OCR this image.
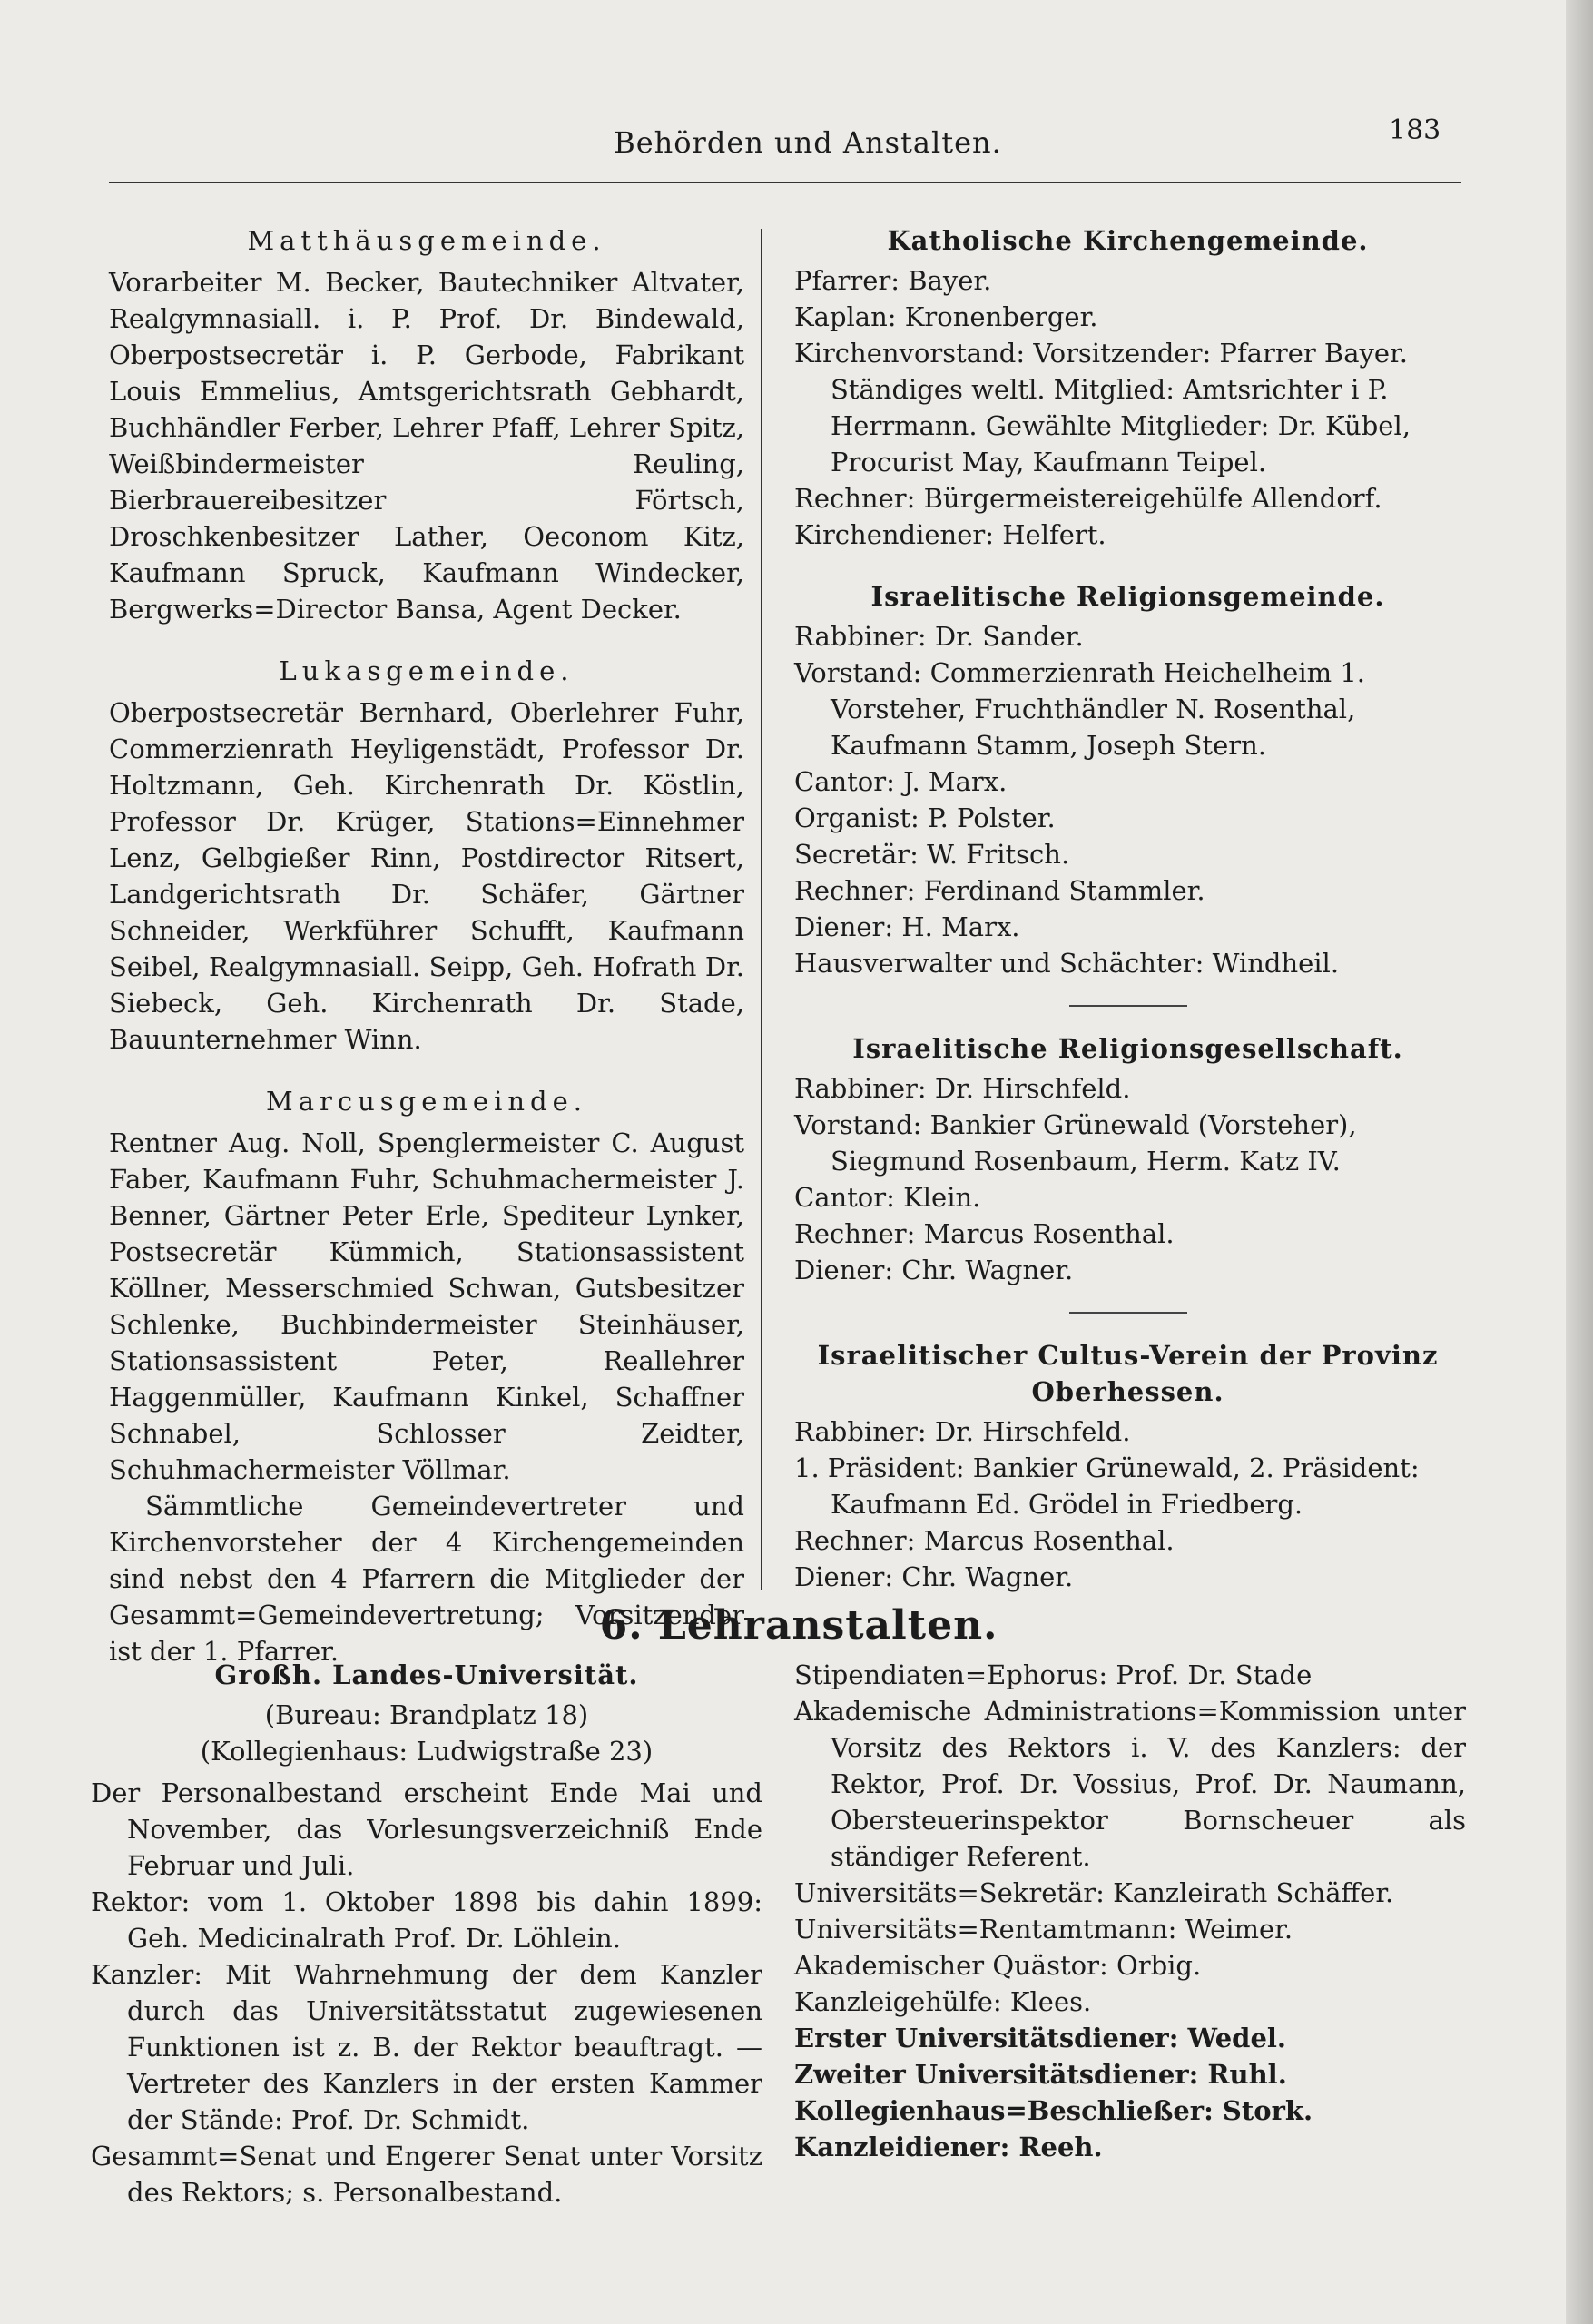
Behörden und Anstalten.	183

Matthäusgemeinde.

Vorarbeiter M. Becker, Bautechniker Altvater, Realgymnasiall. i. P. Prof. Dr. Bindewald, Oberpostsecretär i. P. Gerbode, Fabrikant Louis Emmelius, Amtsgerichtsrath Gebhardt, Buchhändler Ferber, Lehrer Pfaff, Lehrer Spitz, Weißbindermeister Reuling, Bierbrauereibesitzer Förtsch, Droschkenbesitzer Lather, Oeconom Kitz, Kaufmann Spruck, Kaufmann Windecker, Bergwerks=Director Bansa, Agent Decker.

Lukasgemeinde.

Oberpostsecretär Bernhard, Oberlehrer Fuhr, Commerzienrath Heyligenstädt, Professor Dr. Holtzmann, Geh. Kirchenrath Dr. Köstlin, Professor Dr. Krüger, Stations=Einnehmer Lenz, Gelbgießer Rinn, Postdirector Ritsert, Landgerichtsrath Dr. Schäfer, Gärtner Schneider, Werkführer Schufft, Kaufmann Seibel, Realgymnasiall. Seipp, Geh. Hofrath Dr. Siebeck, Geh. Kirchenrath Dr. Stade, Bauunternehmer Winn.

Marcusgemeinde.

Rentner Aug. Noll, Spenglermeister C. August Faber, Kaufmann Fuhr, Schuhmachermeister J. Benner, Gärtner Peter Erle, Spediteur Lynker, Postsecretär Kümmich, Stationsassistent Köllner, Messerschmied Schwan, Gutsbesitzer Schlenke, Buchbindermeister Steinhäuser, Stationsassistent Peter, Reallehrer Haggenmüller, Kaufmann Kinkel, Schaffner Schnabel, Schlosser Zeidter, Schuhmachermeister Völlmar.

Sämmtliche Gemeindevertreter und Kirchenvorsteher der 4 Kirchengemeinden sind nebst den 4 Pfarrern die Mitglieder der Gesammt=Gemeindevertretung; Vorsitzender ist der 1. Pfarrer.

Katholische Kirchengemeinde.

Pfarrer: Bayer.

Kaplan: Kronenberger.

Kirchenvorstand: Vorsitzender: Pfarrer Bayer. Ständiges weltl. Mitglied: Amtsrichter i P. Herrmann. Gewählte Mitglieder: Dr. Kübel, Procurist May, Kaufmann Teipel.

Rechner: Bürgermeistereigehülfe Allendorf.

Kirchendiener: Helfert.

Israelitische Religionsgemeinde.

Rabbiner: Dr. Sander.

Vorstand: Commerzienrath Heichelheim 1. Vorsteher, Fruchthändler N. Rosenthal, Kaufmann Stamm, Joseph Stern.

Cantor: J. Marx.

Organist: P. Polster.

Secretär: W. Fritsch.

Rechner: Ferdinand Stammler.

Diener: H. Marx.

Hausverwalter und Schächter: Windheil.

Israelitische Religionsgesellschaft.

Rabbiner: Dr. Hirschfeld.

Vorstand: Bankier Grünewald (Vorsteher), Siegmund Rosenbaum, Herm. Katz IV.

Cantor: Klein.

Rechner: Marcus Rosenthal.

Diener: Chr. Wagner.

Israelitischer Cultus-Verein der Provinz Oberhessen.

Rabbiner: Dr. Hirschfeld.

1. Präsident: Bankier Grünewald, 2. Präsident: Kaufmann Ed. Grödel in Friedberg.

Rechner: Marcus Rosenthal.

Diener: Chr. Wagner.

6. Lehranstalten.

Großh. Landes-Universität.

(Bureau: Brandplatz 18)

(Kollegienhaus: Ludwigstraße 23)

Der Personalbestand erscheint Ende Mai und November, das Vorlesungsverzeichniß Ende Februar und Juli.

Rektor: vom 1. Oktober 1898 bis dahin 1899: Geh. Medicinalrath Prof. Dr. Löhlein.

Kanzler: Mit Wahrnehmung der dem Kanzler durch das Universitätsstatut zugewiesenen Funktionen ist z. B. der Rektor beauftragt. — Vertreter des Kanzlers in der ersten Kammer der Stände: Prof. Dr. Schmidt.

Gesammt=Senat und Engerer Senat unter Vorsitz des Rektors; s. Personalbestand.

Stipendiaten=Ephorus: Prof. Dr. Stade

Akademische Administrations=Kommission unter Vorsitz des Rektors i. V. des Kanzlers: der Rektor, Prof. Dr. Vossius, Prof. Dr. Naumann, Obersteuerinspektor Bornscheuer als ständiger Referent.

Universitäts=Sekretär: Kanzleirath Schäffer.

Universitäts=Rentamtmann: Weimer.

Akademischer Quästor: Orbig.

Kanzleigehülfe: Klees.

Erster Universitätsdiener: Wedel.

Zweiter Universitätsdiener: Ruhl.

Kollegienhaus=Beschließer: Stork.

Kanzleidiener: Reeh.
